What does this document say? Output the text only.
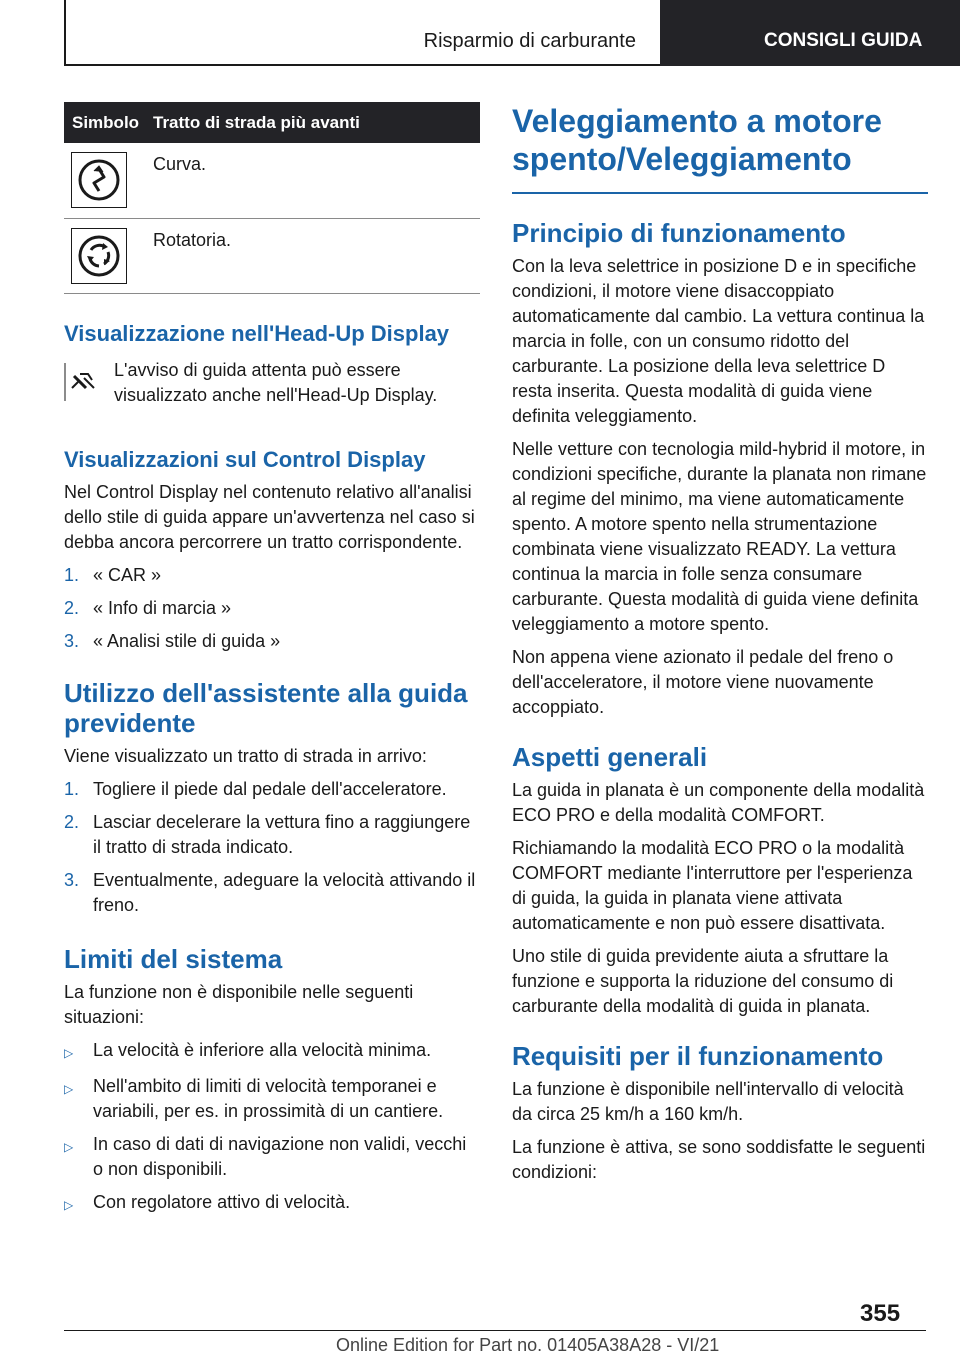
Risparmio di carburante	CONSIGLI GUIDA
Simbolo	Tratto di strada più avanti

	Curva.

	Rotatoria.
Visualizzazione nell'Head-Up Display
L'avviso di guida attenta può essere visualizzato anche nell'Head-Up Display.
Visualizzazioni sul Control Display

Nel Control Display nel contenuto relativo all'analisi dello stile di guida appare un'avvertenza nel caso si debba ancora percorrere un tratto corrispondente.

1. « CAR »
2. « Info di marcia »
3. « Analisi stile di guida »
Utilizzo dell'assistente alla guida previdente

Viene visualizzato un tratto di strada in arrivo:

1. Togliere il piede dal pedale dell'acceleratore.
2. Lasciar decelerare la vettura fino a raggiungere il tratto di strada indicato.
3. Eventualmente, adeguare la velocità attivando il freno.
Limiti del sistema

La funzione non è disponibile nelle seguenti situazioni:

▷	La velocità è inferiore alla velocità minima.
▷	Nell'ambito di limiti di velocità temporanei e variabili, per es. in prossimità di un cantiere.
▷	In caso di dati di navigazione non validi, vecchi o non disponibili.
▷	Con regolatore attivo di velocità.
Veleggiamento a motore spento/Veleggiamento
Principio di funzionamento

Con la leva selettrice in posizione D e in specifiche condizioni, il motore viene disaccoppiato automaticamente dal cambio. La vettura continua la marcia in folle, con un consumo ridotto del carburante. La posizione della leva selettrice D resta inserita. Questa modalità di guida viene definita veleggiamento.

Nelle vetture con tecnologia mild-hybrid il motore, in condizioni specifiche, durante la planata non rimane al regime del minimo, ma viene automaticamente spento. A motore spento nella strumentazione combinata viene visualizzato READY. La vettura continua la marcia in folle senza consumare carburante. Questa modalità di guida viene definita veleggiamento a motore spento.

Non appena viene azionato il pedale del freno o dell'acceleratore, il motore viene nuovamente accoppiato.

Aspetti generali

La guida in planata è un componente della modalità ECO PRO e della modalità COMFORT.

Richiamando la modalità ECO PRO o la modalità COMFORT mediante l'interruttore per l'esperienza di guida, la guida in planata viene attivata automaticamente e non può essere disattivata.

Uno stile di guida previdente aiuta a sfruttare la funzione e supporta la riduzione del consumo di carburante della modalità di guida in planata.

Requisiti per il funzionamento

La funzione è disponibile nell'intervallo di velocità da circa 25 km/h a 160 km/h.

La funzione è attiva, se sono soddisfatte le seguenti condizioni:

355
Online Edition for Part no. 01405A38A28 - VI/21
